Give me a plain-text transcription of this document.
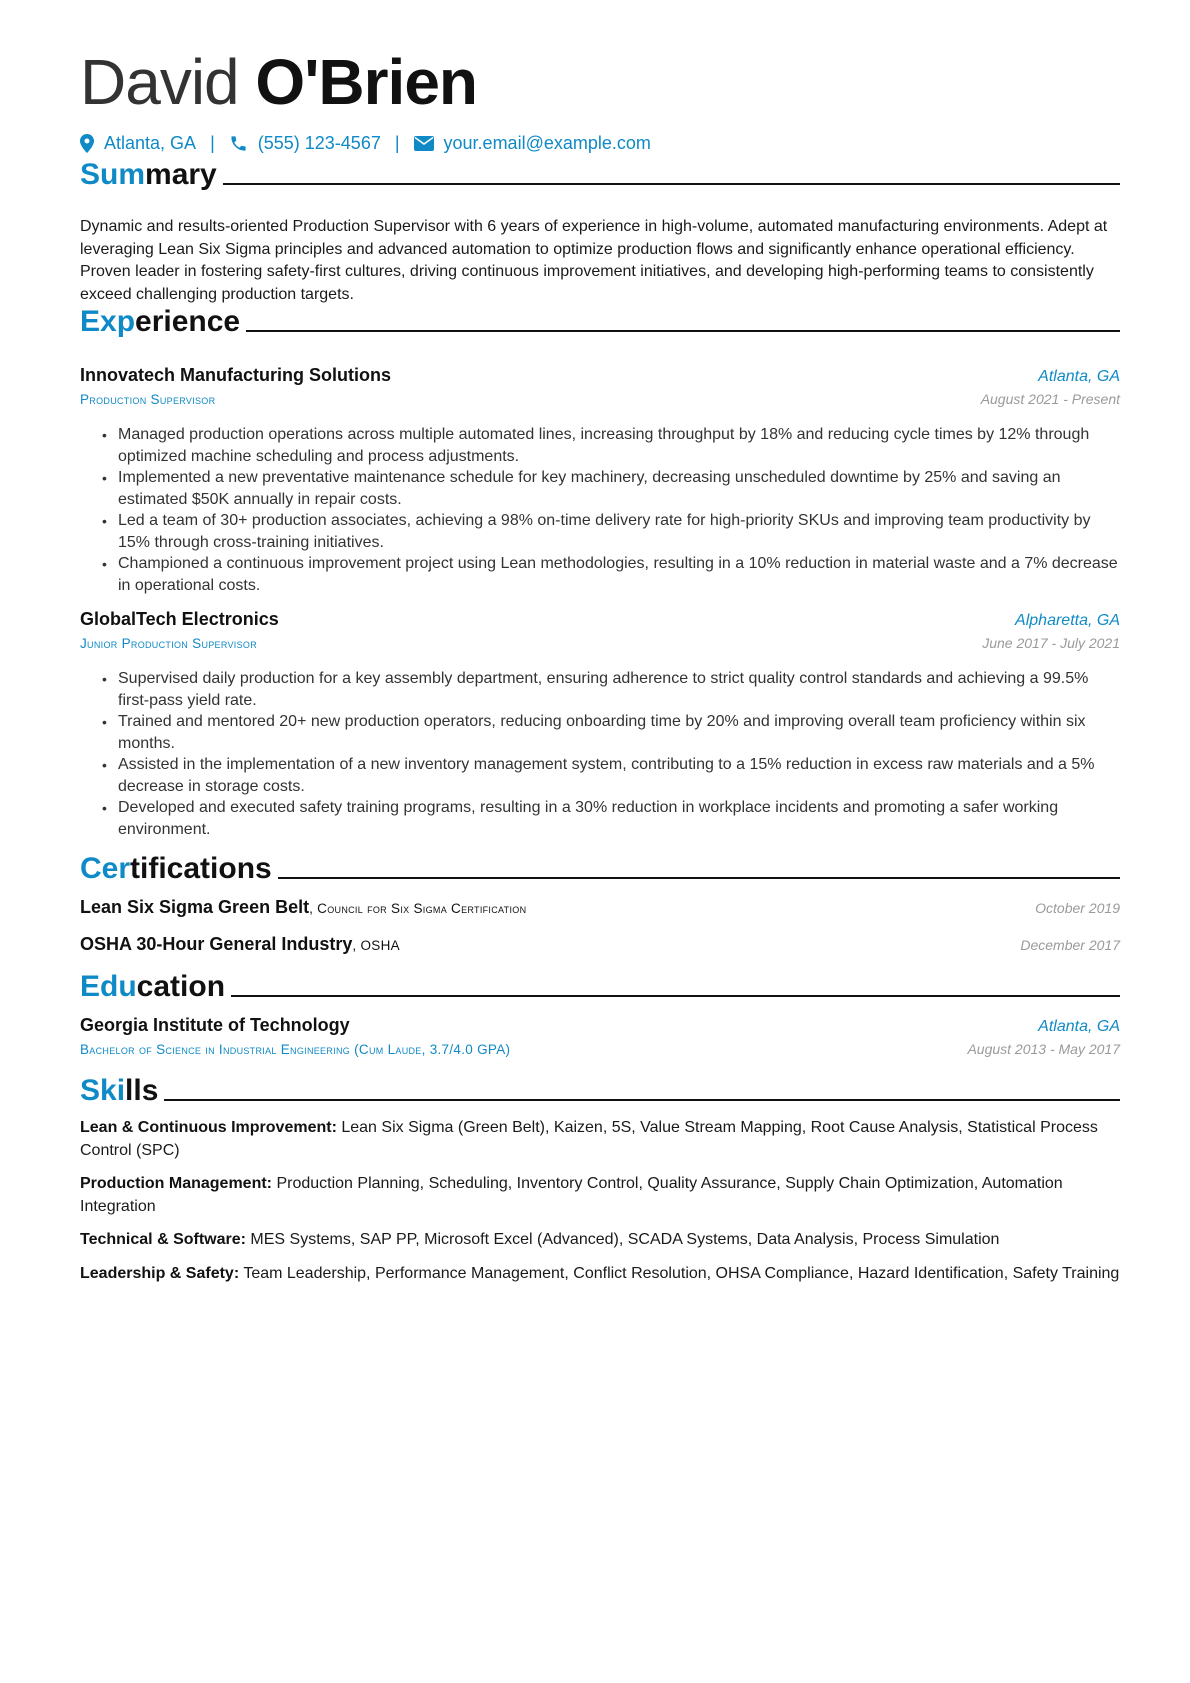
David O'Brien
Atlanta, GA | (555) 123-4567 | your.email@example.com
Summary
Dynamic and results-oriented Production Supervisor with 6 years of experience in high-volume, automated manufacturing environments. Adept at leveraging Lean Six Sigma principles and advanced automation to optimize production flows and significantly enhance operational efficiency. Proven leader in fostering safety-first cultures, driving continuous improvement initiatives, and developing high-performing teams to consistently exceed challenging production targets.
Experience
Innovatech Manufacturing Solutions	Atlanta, GA
Production Supervisor	August 2021 - Present
• Managed production operations across multiple automated lines, increasing throughput by 18% and reducing cycle times by 12% through optimized machine scheduling and process adjustments.
• Implemented a new preventative maintenance schedule for key machinery, decreasing unscheduled downtime by 25% and saving an estimated $50K annually in repair costs.
• Led a team of 30+ production associates, achieving a 98% on-time delivery rate for high-priority SKUs and improving team productivity by 15% through cross-training initiatives.
• Championed a continuous improvement project using Lean methodologies, resulting in a 10% reduction in material waste and a 7% decrease in operational costs.
GlobalTech Electronics	Alpharetta, GA
Junior Production Supervisor	June 2017 - July 2021
• Supervised daily production for a key assembly department, ensuring adherence to strict quality control standards and achieving a 99.5% first-pass yield rate.
• Trained and mentored 20+ new production operators, reducing onboarding time by 20% and improving overall team proficiency within six months.
• Assisted in the implementation of a new inventory management system, contributing to a 15% reduction in excess raw materials and a 5% decrease in storage costs.
• Developed and executed safety training programs, resulting in a 30% reduction in workplace incidents and promoting a safer working environment.
Certifications
Lean Six Sigma Green Belt, Council for Six Sigma Certification	October 2019
OSHA 30-Hour General Industry, OSHA	December 2017
Education
Georgia Institute of Technology	Atlanta, GA
Bachelor of Science in Industrial Engineering (Cum Laude, 3.7/4.0 GPA)	August 2013 - May 2017
Skills
Lean & Continuous Improvement: Lean Six Sigma (Green Belt), Kaizen, 5S, Value Stream Mapping, Root Cause Analysis, Statistical Process Control (SPC)
Production Management: Production Planning, Scheduling, Inventory Control, Quality Assurance, Supply Chain Optimization, Automation Integration
Technical & Software: MES Systems, SAP PP, Microsoft Excel (Advanced), SCADA Systems, Data Analysis, Process Simulation
Leadership & Safety: Team Leadership, Performance Management, Conflict Resolution, OHSA Compliance, Hazard Identification, Safety Training
